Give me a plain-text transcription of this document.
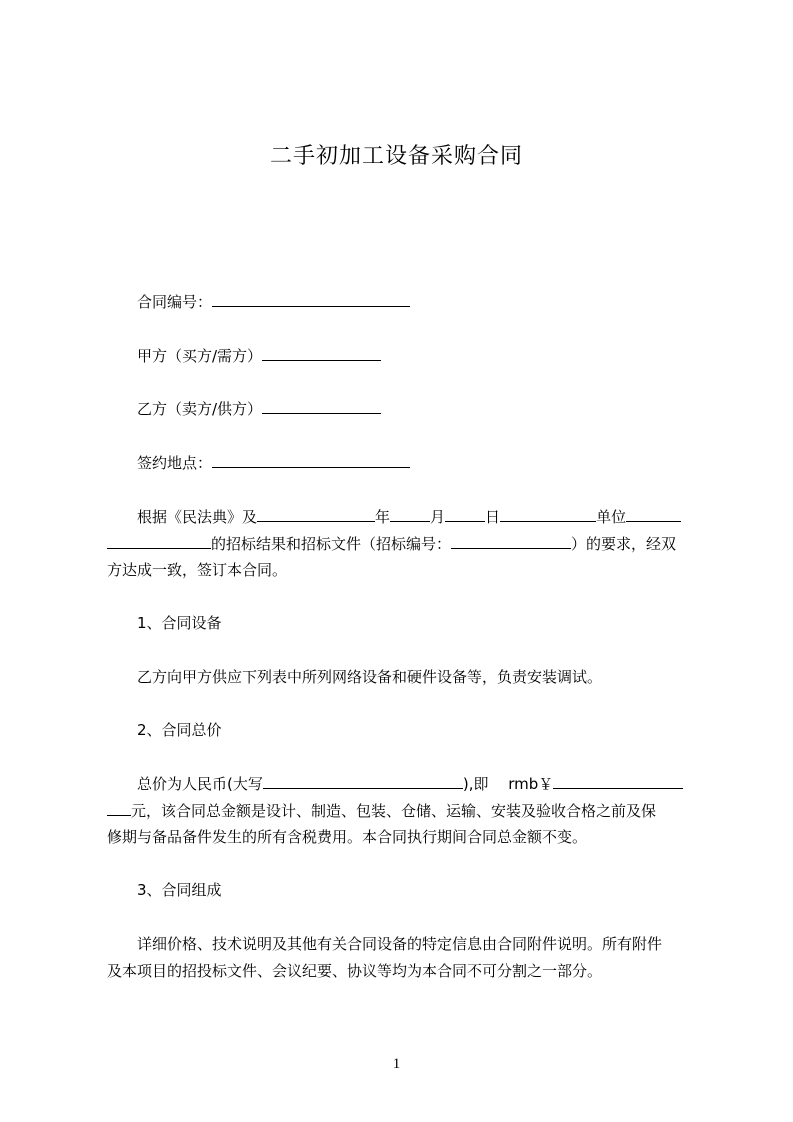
二手初加工设备采购合同
合同编号：
甲方（买方/需方）
乙方（卖方/供方）
签约地点：
根据《民法典》及	年	月	日	单位
的招标结果和招标文件（招标编号：	）的要求，经双
方达成一致，签订本合同。
1、合同设备
乙方向甲方供应下列表中所列网络设备和硬件设备等，负责安装调试。
2、合同总价
总价为人民币(大写	),即　 rmb￥
元，该合同总金额是设计、制造、包装、仓储、运输、安装及验收合格之前及保
修期与备品备件发生的所有含税费用。本合同执行期间合同总金额不变。
3、合同组成
详细价格、技术说明及其他有关合同设备的特定信息由合同附件说明。所有附件
及本项目的招投标文件、会议纪要、协议等均为本合同不可分割之一部分。
1
